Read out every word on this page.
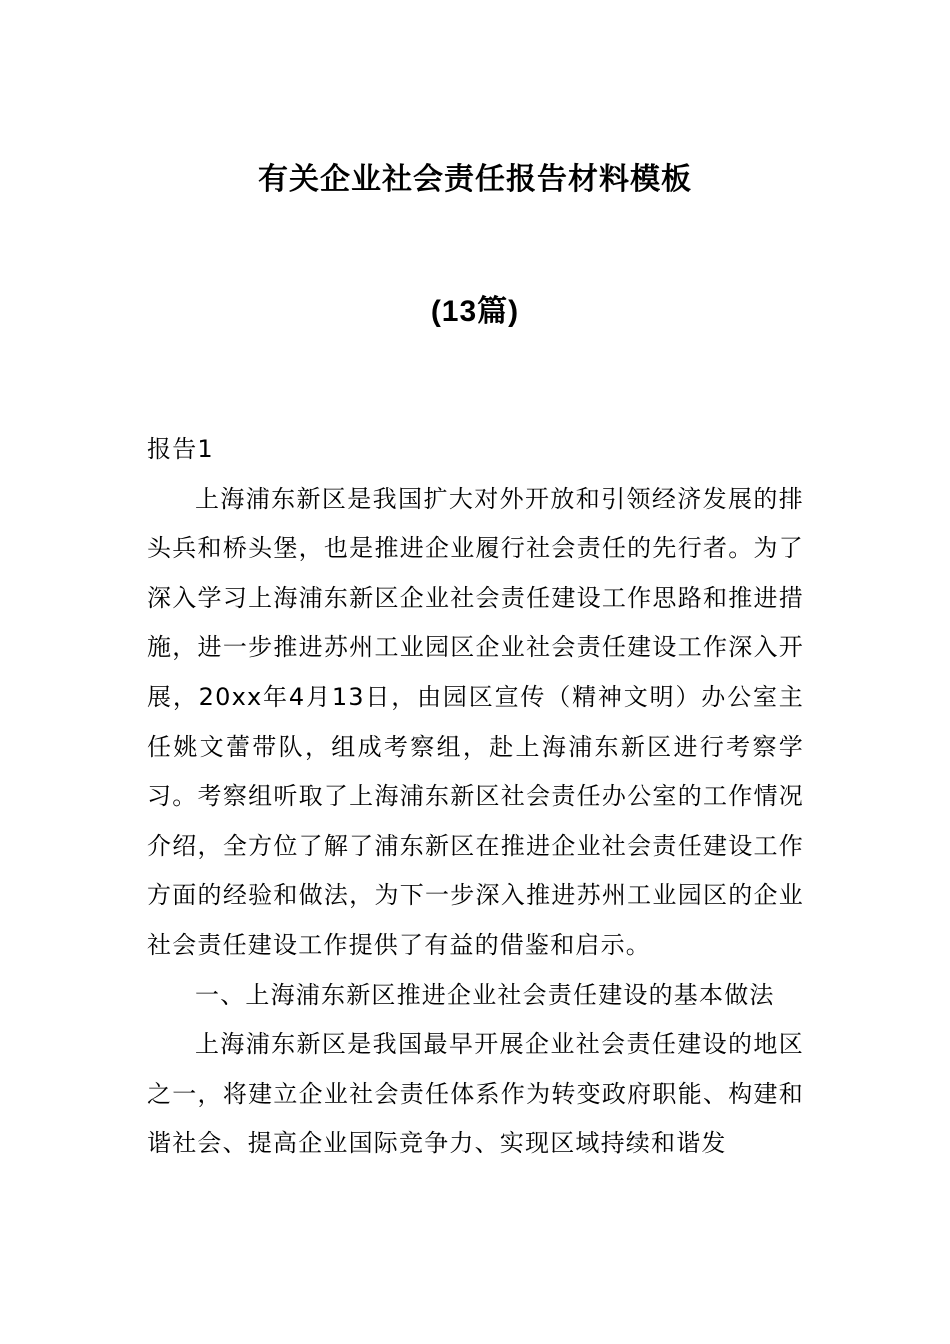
有关企业社会责任报告材料模板
(13篇)

报告1

上海浦东新区是我国扩大对外开放和引领经济发展的排头兵和桥头堡，也是推进企业履行社会责任的先行者。为了深入学习上海浦东新区企业社会责任建设工作思路和推进措施，进一步推进苏州工业园区企业社会责任建设工作深入开展，20xx年4月13日，由园区宣传（精神文明）办公室主任姚文蕾带队，组成考察组，赴上海浦东新区进行考察学习。考察组听取了上海浦东新区社会责任办公室的工作情况介绍，全方位了解了浦东新区在推进企业社会责任建设工作方面的经验和做法，为下一步深入推进苏州工业园区的企业社会责任建设工作提供了有益的借鉴和启示。

一、上海浦东新区推进企业社会责任建设的基本做法

上海浦东新区是我国最早开展企业社会责任建设的地区之一，将建立企业社会责任体系作为转变政府职能、构建和谐社会、提高企业国际竞争力、实现区域持续和谐发
